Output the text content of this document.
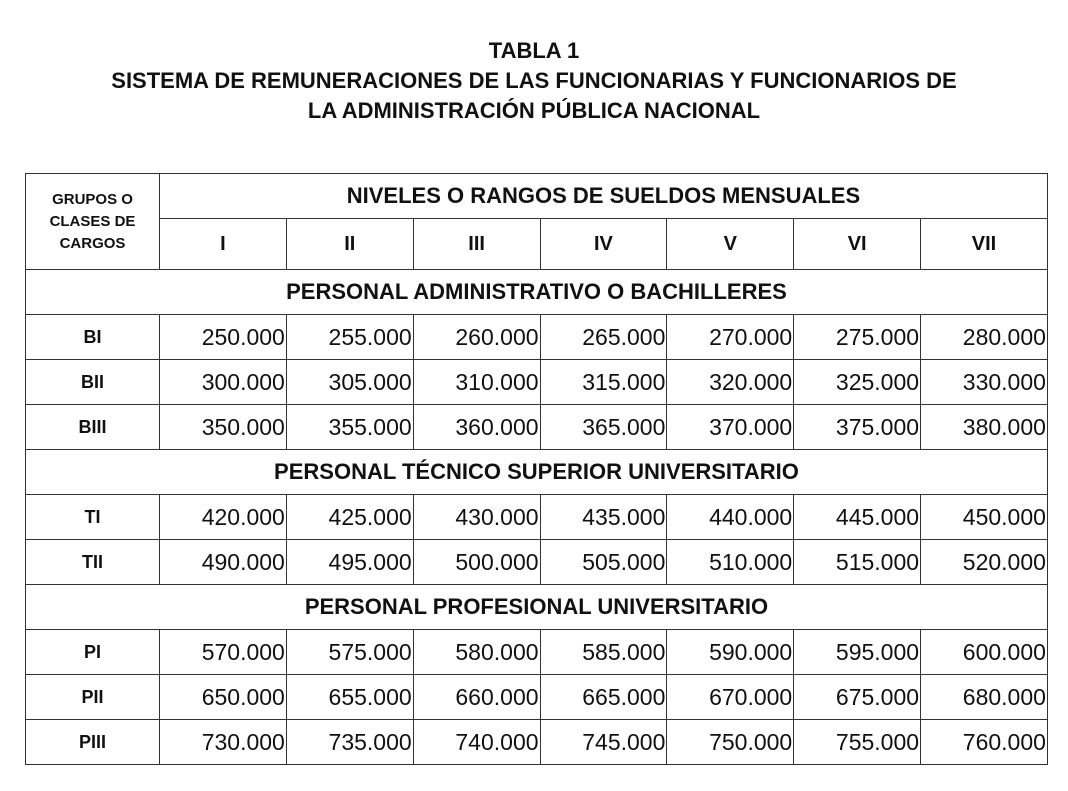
TABLA 1
SISTEMA DE REMUNERACIONES DE LAS FUNCIONARIAS Y FUNCIONARIOS DE
LA ADMINISTRACIÓN PÚBLICA NACIONAL
GRUPOS O
CLASES DE
CARGOS	NIVELES O RANGOS DE SUELDOS MENSUALES						
	I	II	III	IV	V	VI	VII
PERSONAL ADMINISTRATIVO O BACHILLERES							
BI	250.000	255.000	260.000	265.000	270.000	275.000	280.000
BII	300.000	305.000	310.000	315.000	320.000	325.000	330.000
BIII	350.000	355.000	360.000	365.000	370.000	375.000	380.000
PERSONAL TÉCNICO SUPERIOR UNIVERSITARIO							
TI	420.000	425.000	430.000	435.000	440.000	445.000	450.000
TII	490.000	495.000	500.000	505.000	510.000	515.000	520.000
PERSONAL PROFESIONAL UNIVERSITARIO							
PI	570.000	575.000	580.000	585.000	590.000	595.000	600.000
PII	650.000	655.000	660.000	665.000	670.000	675.000	680.000
PIII	730.000	735.000	740.000	745.000	750.000	755.000	760.000
